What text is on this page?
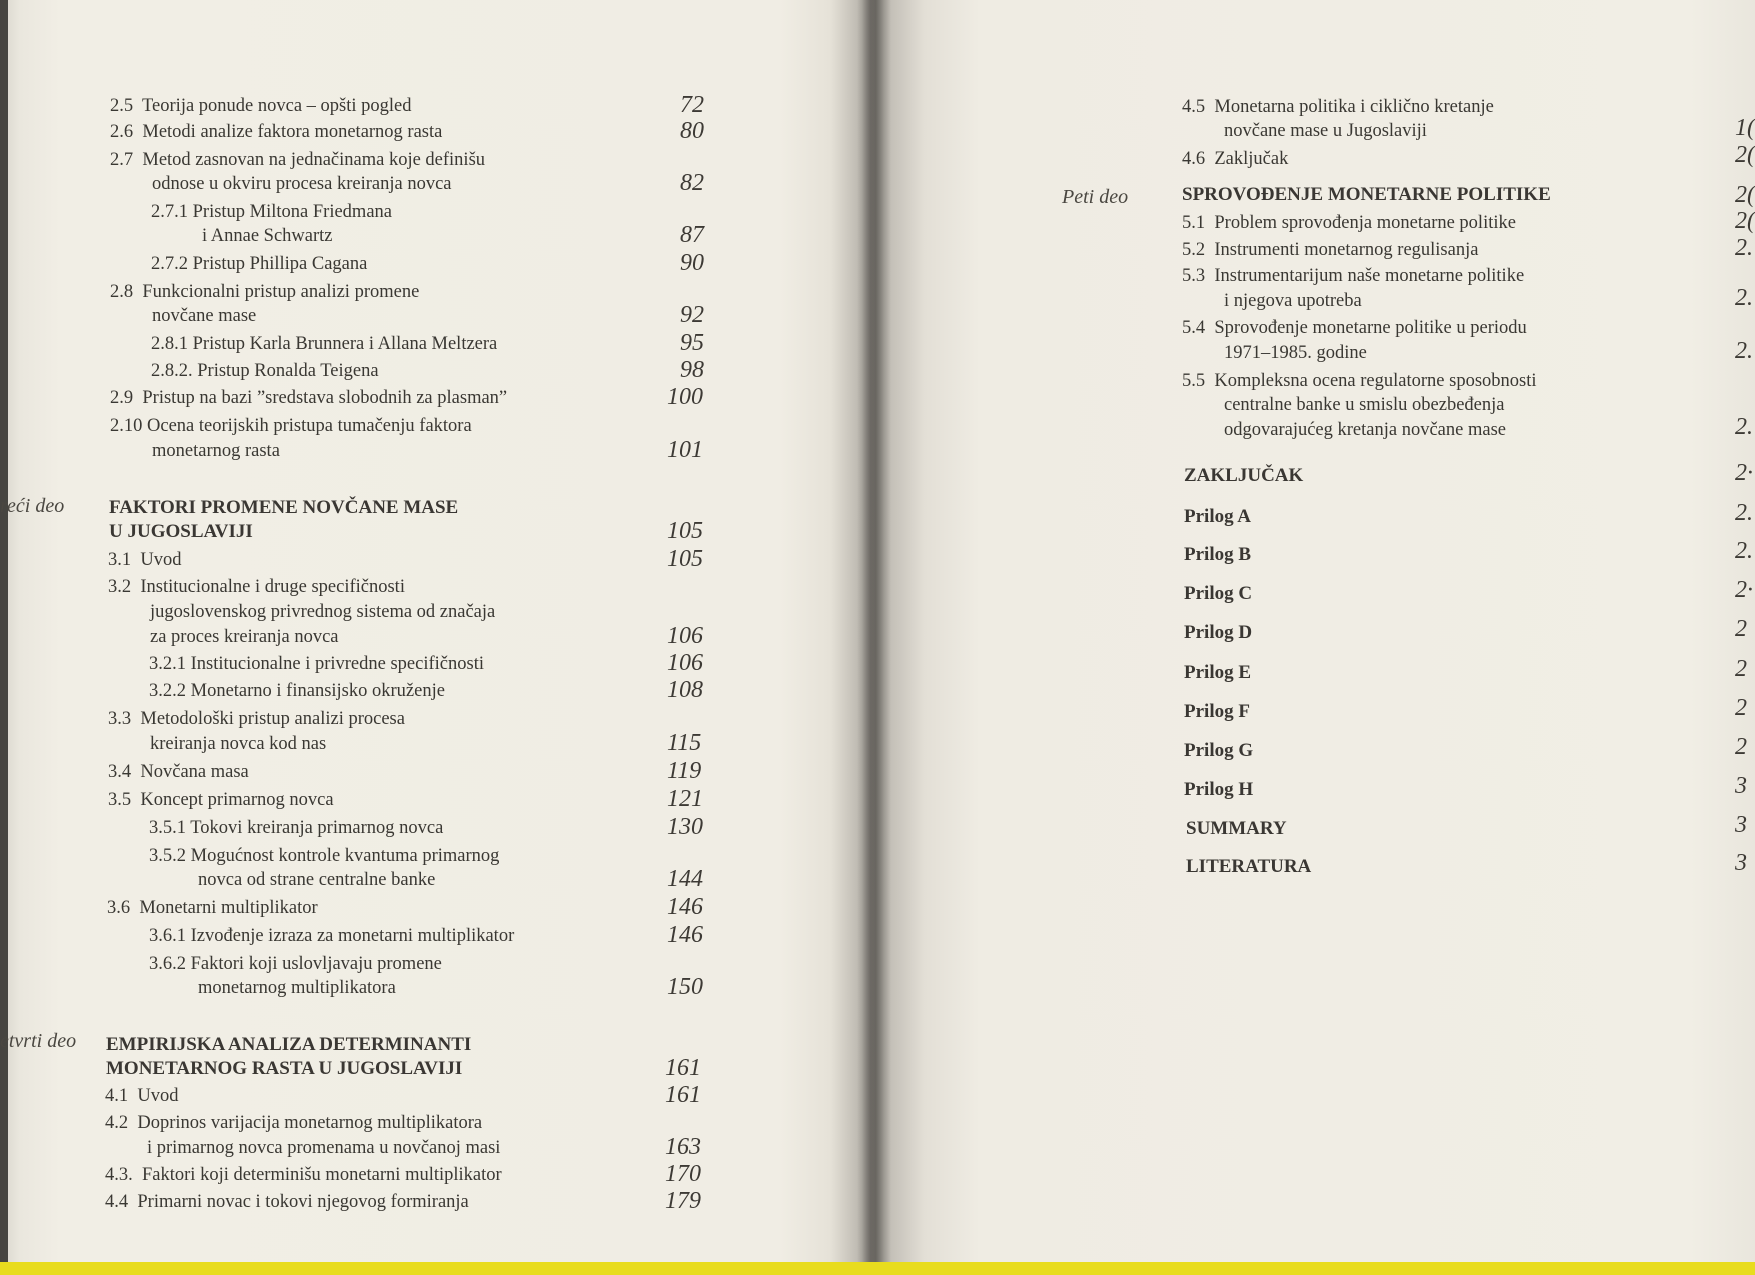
2.5 Teorija ponude novca – opšti pogled	72
2.6 Metodi analize faktora monetarnog rasta	80
2.7 Metod zasnovan na jednačinama koje definišu
odnose u okviru procesa kreiranja novca	82
2.7.1 Pristup Miltona Friedmana
i Annae Schwartz	87
2.7.2 Pristup Phillipa Cagana	90
2.8 Funkcionalni pristup analizi promene
novčane mase	92
2.8.1 Pristup Karla Brunnera i Allana Meltzera	95
2.8.2. Pristup Ronalda Teigena	98
2.9 Pristup na bazi ”sredstava slobodnih za plasman”	100
2.10 Ocena teorijskih pristupa tumačenju faktora
monetarnog rasta	101
reći deo FAKTORI PROMENE NOVČANE MASE
U JUGOSLAVIJI	105
3.1 Uvod	105
3.2 Institucionalne i druge specifičnosti
jugoslovenskog privrednog sistema od značaja
za proces kreiranja novca	106
3.2.1 Institucionalne i privredne specifičnosti	106
3.2.2 Monetarno i finansijsko okruženje	108
3.3 Metodološki pristup analizi procesa
kreiranja novca kod nas	115
3.4 Novčana masa	119
3.5 Koncept primarnog novca	121
3.5.1 Tokovi kreiranja primarnog novca	130
3.5.2 Mogućnost kontrole kvantuma primarnog
novca od strane centralne banke	144
3.6 Monetarni multiplikator	146
3.6.1 Izvođenje izraza za monetarni multiplikator	146
3.6.2 Faktori koji uslovljavaju promene
monetarnog multiplikatora	150
etvrti deo EMPIRIJSKA ANALIZA DETERMINANTI
MONETARNOG RASTA U JUGOSLAVIJI	161
4.1 Uvod	161
4.2 Doprinos varijacija monetarnog multiplikatora
i primarnog novca promenama u novčanoj masi	163
4.3. Faktori koji determinišu monetarni multiplikator	170
4.4 Primarni novac i tokovi njegovog formiranja	179
4.5 Monetarna politika i ciklično kretanje
novčane mase u Jugoslaviji	1(
4.6 Zaključak	2(
Peti deo	SPROVOĐENJE MONETARNE POLITIKE	2(
5.1 Problem sprovođenja monetarne politike	2(
5.2 Instrumenti monetarnog regulisanja	2.
5.3 Instrumentarijum naše monetarne politike
i njegova upotreba	2.
5.4 Sprovođenje monetarne politike u periodu
1971–1985. godine	2.
5.5 Kompleksna ocena regulatorne sposobnosti
centralne banke u smislu obezbeđenja
odgovarajućeg kretanja novčane mase	2.
ZAKLJUČAK	2·
Prilog A	2.
Prilog B	2.
Prilog C	2·
Prilog D	2
Prilog E	2
Prilog F	2
Prilog G	2
Prilog H	3
SUMMARY	3
LITERATURA	3
